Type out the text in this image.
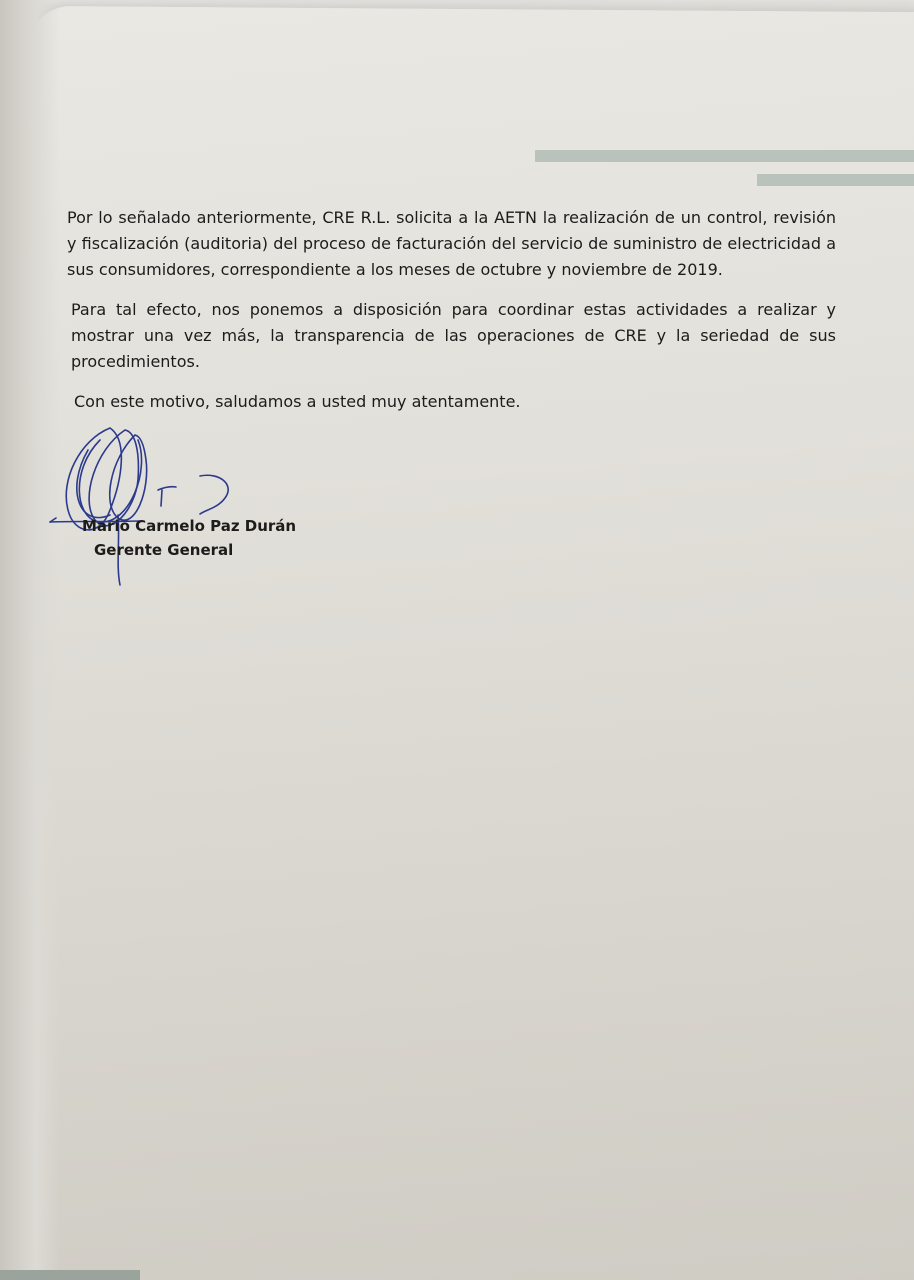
Por lo señalado anteriormente, CRE R.L. solicita a la AETN la realización de un control, revisión y fiscalización (auditoria) del proceso de facturación del servicio de suministro de electricidad a sus consumidores, correspondiente a los meses de octubre y noviembre de 2019.

Para tal efecto, nos ponemos a disposición para coordinar estas actividades a realizar y mostrar una vez más, la transparencia de las operaciones de CRE y la seriedad de sus procedimientos.

Con este motivo, saludamos a usted muy atentamente.

Mario Carmelo Paz Durán
Gerente General
